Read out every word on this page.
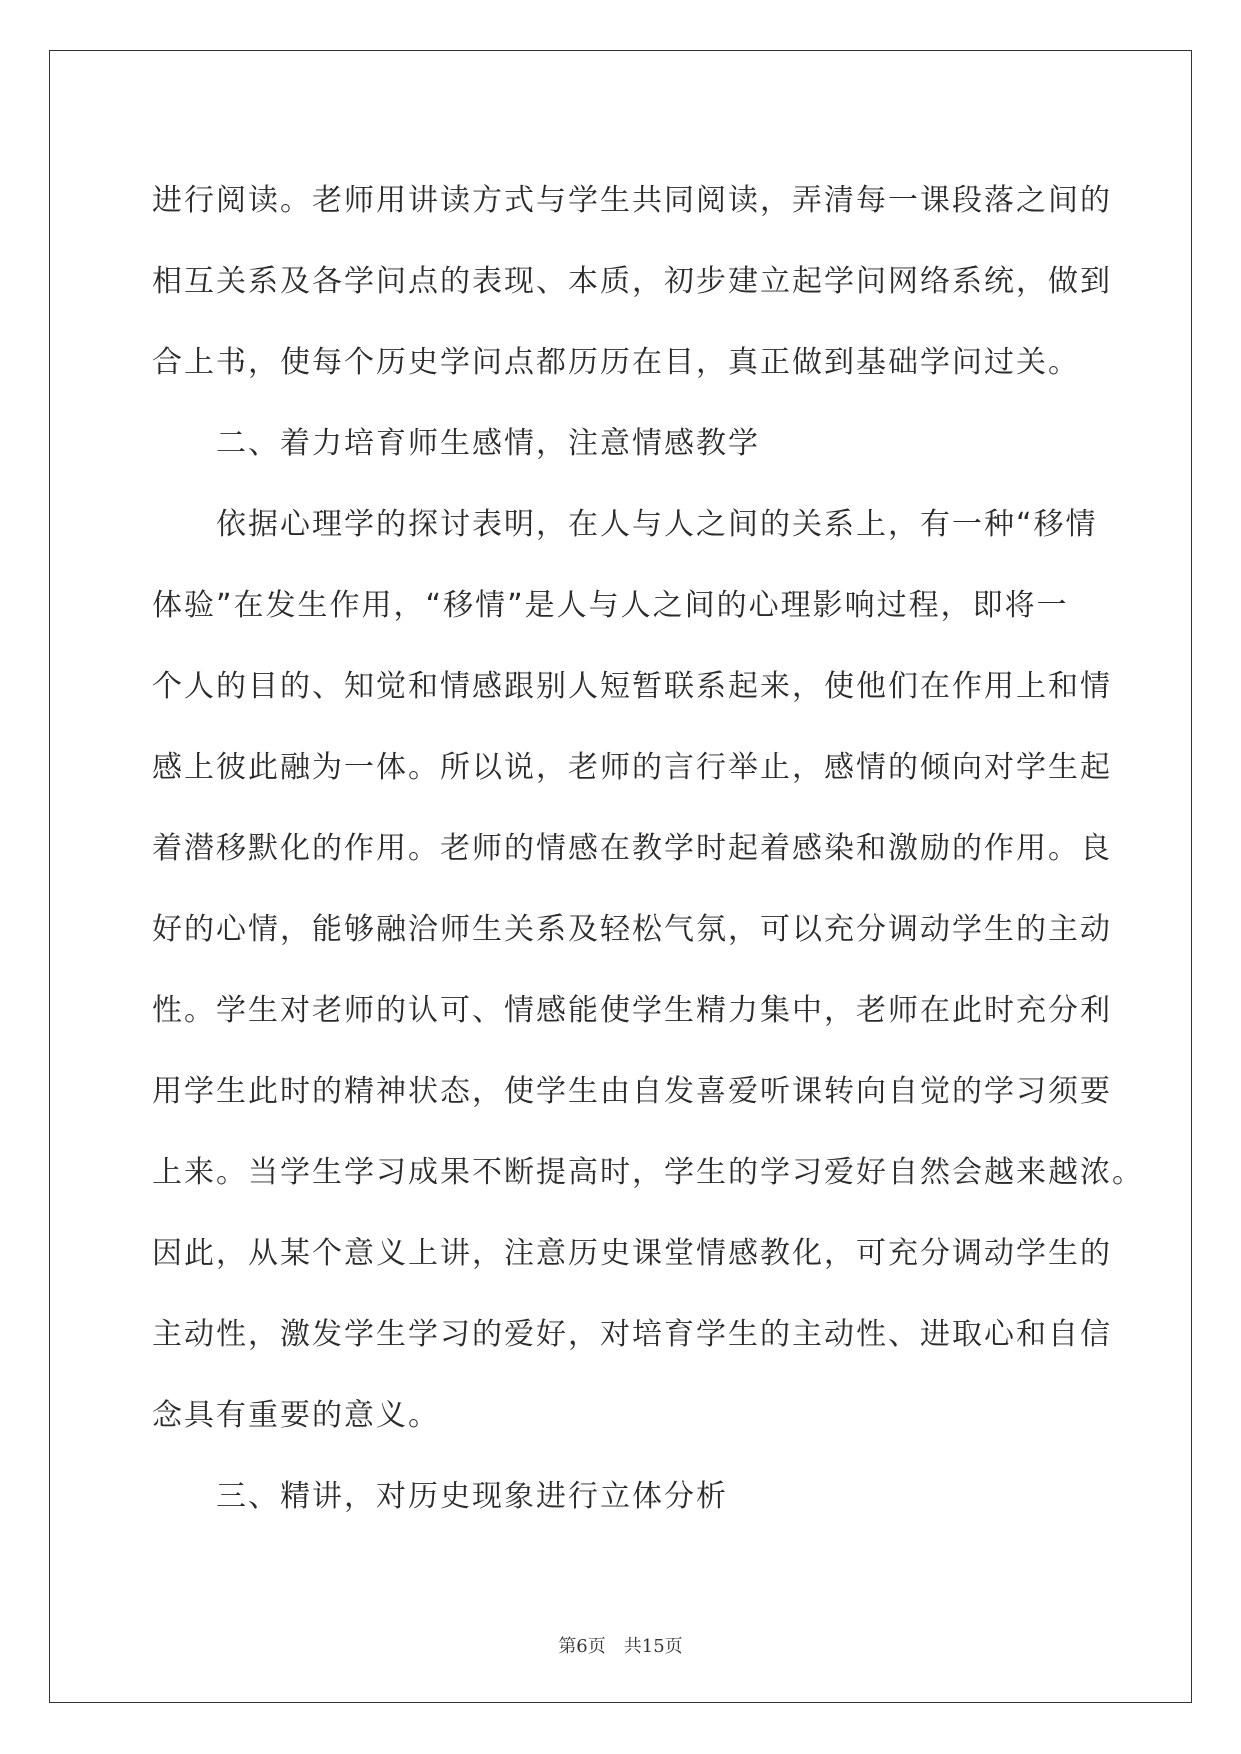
进行阅读。老师用讲读方式与学生共同阅读，弄清每一课段落之间的
相互关系及各学问点的表现、本质，初步建立起学问网络系统，做到
合上书，使每个历史学问点都历历在目，真正做到基础学问过关。
二、着力培育师生感情，注意情感教学
依据心理学的探讨表明，在人与人之间的关系上，有一种“移情
体验”在发生作用，“移情”是人与人之间的心理影响过程，即将一
个人的目的、知觉和情感跟别人短暂联系起来，使他们在作用上和情
感上彼此融为一体。所以说，老师的言行举止，感情的倾向对学生起
着潜移默化的作用。老师的情感在教学时起着感染和激励的作用。良
好的心情，能够融洽师生关系及轻松气氛，可以充分调动学生的主动
性。学生对老师的认可、情感能使学生精力集中，老师在此时充分利
用学生此时的精神状态，使学生由自发喜爱听课转向自觉的学习须要
上来。当学生学习成果不断提高时，学生的学习爱好自然会越来越浓。
因此，从某个意义上讲，注意历史课堂情感教化，可充分调动学生的
主动性，激发学生学习的爱好，对培育学生的主动性、进取心和自信
念具有重要的意义。
三、精讲，对历史现象进行立体分析
第6页 共15页
